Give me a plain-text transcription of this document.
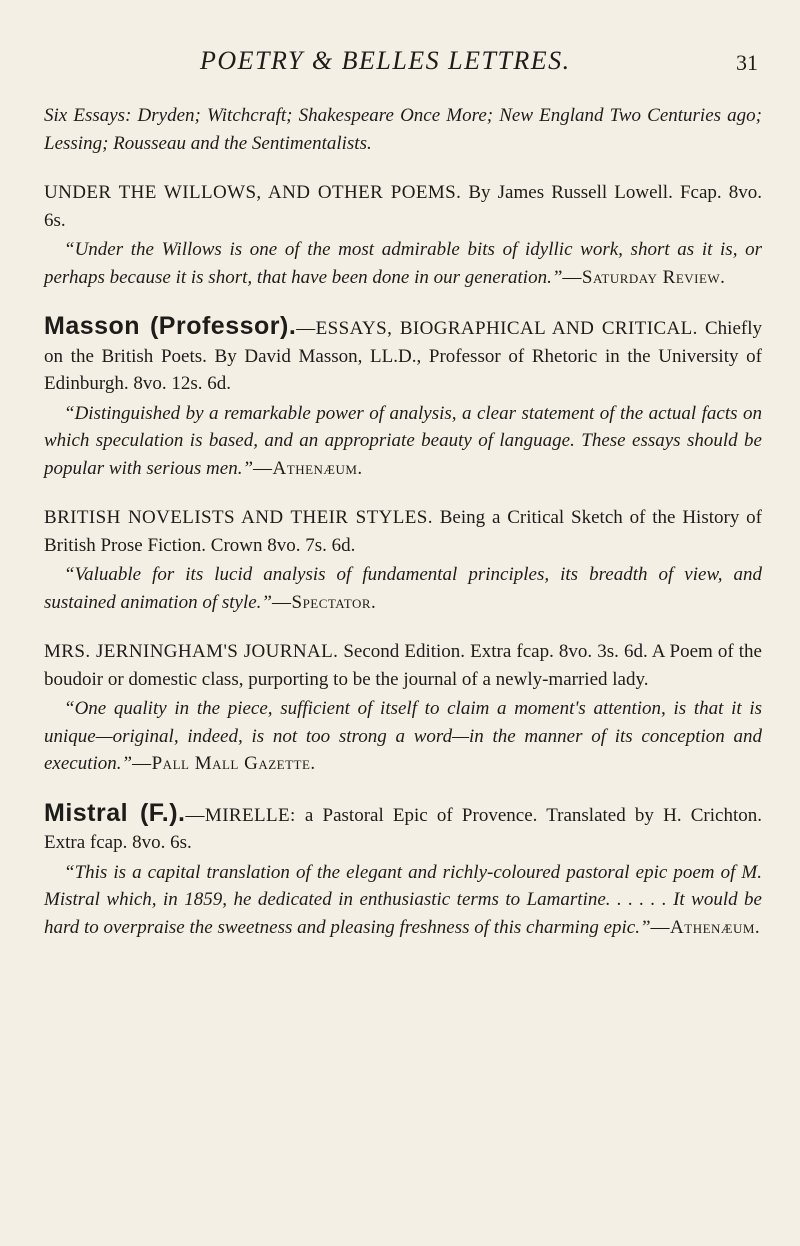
POETRY & BELLES LETTRES.	31

Six Essays: Dryden; Witchcraft; Shakespeare Once More; New England Two Centuries ago; Lessing; Rousseau and the Sentimentalists.

UNDER THE WILLOWS, AND OTHER POEMS. By James Russell Lowell. Fcap. 8vo. 6s.

“Under the Willows is one of the most admirable bits of idyllic work, short as it is, or perhaps because it is short, that have been done in our generation.”—Saturday Review.

Masson (Professor).—ESSAYS, BIOGRAPHICAL AND CRITICAL. Chiefly on the British Poets. By David Masson, LL.D., Professor of Rhetoric in the University of Edinburgh. 8vo. 12s. 6d.

“Distinguished by a remarkable power of analysis, a clear statement of the actual facts on which speculation is based, and an appropriate beauty of language. These essays should be popular with serious men.”—Athenæum.

BRITISH NOVELISTS AND THEIR STYLES. Being a Critical Sketch of the History of British Prose Fiction. Crown 8vo. 7s. 6d.

“Valuable for its lucid analysis of fundamental principles, its breadth of view, and sustained animation of style.”—Spectator.

MRS. JERNINGHAM'S JOURNAL. Second Edition. Extra fcap. 8vo. 3s. 6d. A Poem of the boudoir or domestic class, purporting to be the journal of a newly-married lady.

“One quality in the piece, sufficient of itself to claim a moment's attention, is that it is unique—original, indeed, is not too strong a word—in the manner of its conception and execution.”—Pall Mall Gazette.

Mistral (F.).—MIRELLE: a Pastoral Epic of Provence. Translated by H. Crichton. Extra fcap. 8vo. 6s.

“This is a capital translation of the elegant and richly-coloured pastoral epic poem of M. Mistral which, in 1859, he dedicated in enthusiastic terms to Lamartine. . . . . . It would be hard to overpraise the sweetness and pleasing freshness of this charming epic.”—Athenæum.
